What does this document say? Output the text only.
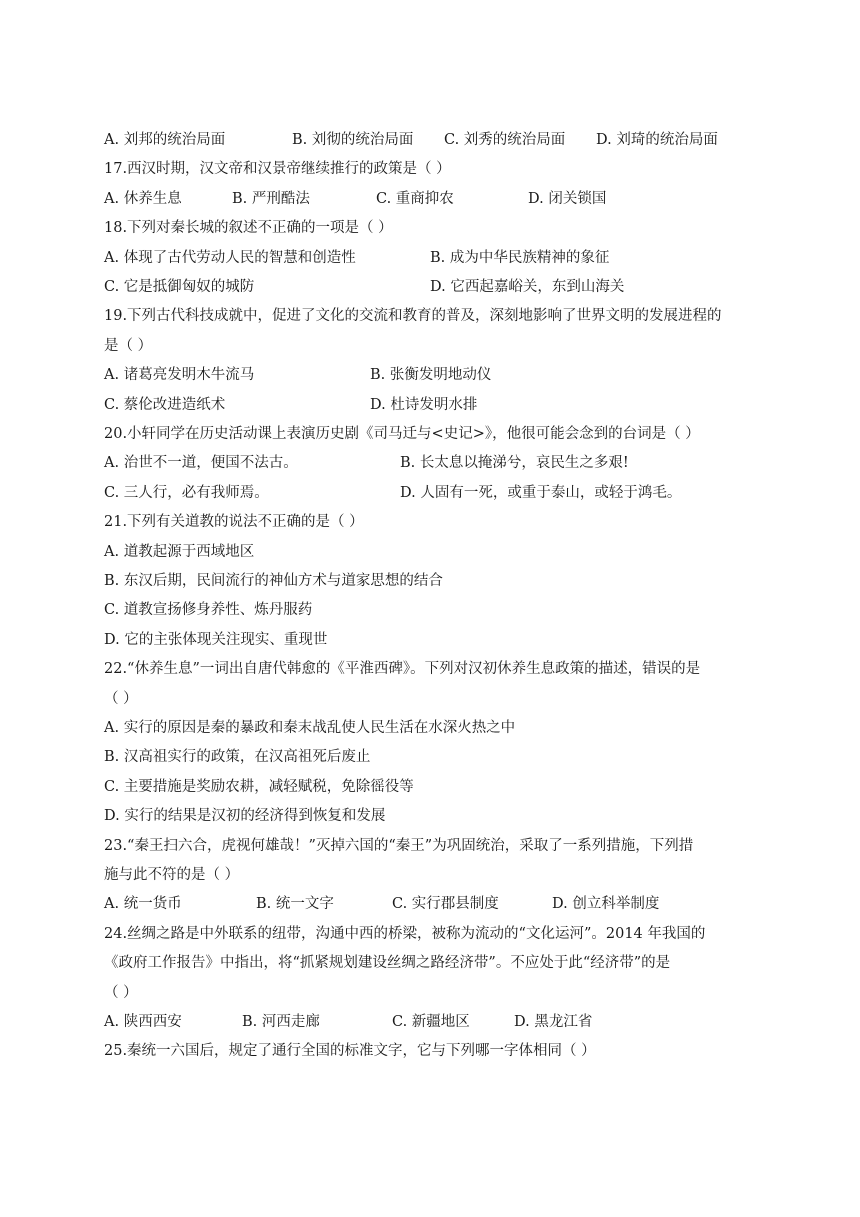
A. 刘邦的统治局面	B. 刘彻的统治局面 C. 刘秀的统治局面 D. 刘琦的统治局面
17.西汉时期，汉文帝和汉景帝继续推行的政策是（ ）
A. 休养生息	B. 严刑酷法	C. 重商抑农	D. 闭关锁国
18.下列对秦长城的叙述不正确的一项是（ ）
A. 体现了古代劳动人民的智慧和创造性	B. 成为中华民族精神的象征
C. 它是抵御匈奴的城防	D. 它西起嘉峪关，东到山海关
19.下列古代科技成就中，促进了文化的交流和教育的普及，深刻地影响了世界文明的发展进程的
是（ ）
A. 诸葛亮发明木牛流马	B. 张衡发明地动仪
C. 蔡伦改进造纸术	D. 杜诗发明水排
20.小轩同学在历史活动课上表演历史剧《司马迁与<史记>》，他很可能会念到的台词是（ ）
A. 治世不一道，便国不法古。	B. 长太息以掩涕兮，哀民生之多艰!
C. 三人行，必有我师焉。	D. 人固有一死，或重于泰山，或轻于鸿毛。
21.下列有关道教的说法不正确的是（ ）
A. 道教起源于西域地区
B. 东汉后期，民间流行的神仙方术与道家思想的结合
C. 道教宣扬修身养性、炼丹服药
D. 它的主张体现关注现实、重现世
22.“休养生息”一词出自唐代韩愈的《平淮西碑》。下列对汉初休养生息政策的描述，错误的是
（ ）
A. 实行的原因是秦的暴政和秦末战乱使人民生活在水深火热之中
B. 汉高祖实行的政策，在汉高祖死后废止
C. 主要措施是奖励农耕，减轻赋税，免除徭役等
D. 实行的结果是汉初的经济得到恢复和发展
23.“秦王扫六合，虎视何雄哉！”灭掉六国的“秦王”为巩固统治，采取了一系列措施，下列措
施与此不符的是（ ）
A. 统一货币	B. 统一文字	C. 实行郡县制度	D. 创立科举制度
24.丝绸之路是中外联系的纽带，沟通中西的桥梁，被称为流动的“文化运河”。2014 年我国的
《政府工作报告》中指出，将“抓紧规划建设丝绸之路经济带”。不应处于此“经济带”的是
（ ）
A. 陕西西安	B. 河西走廊	C. 新疆地区	D. 黑龙江省
25.秦统一六国后，规定了通行全国的标准文字，它与下列哪一字体相同（ ）
